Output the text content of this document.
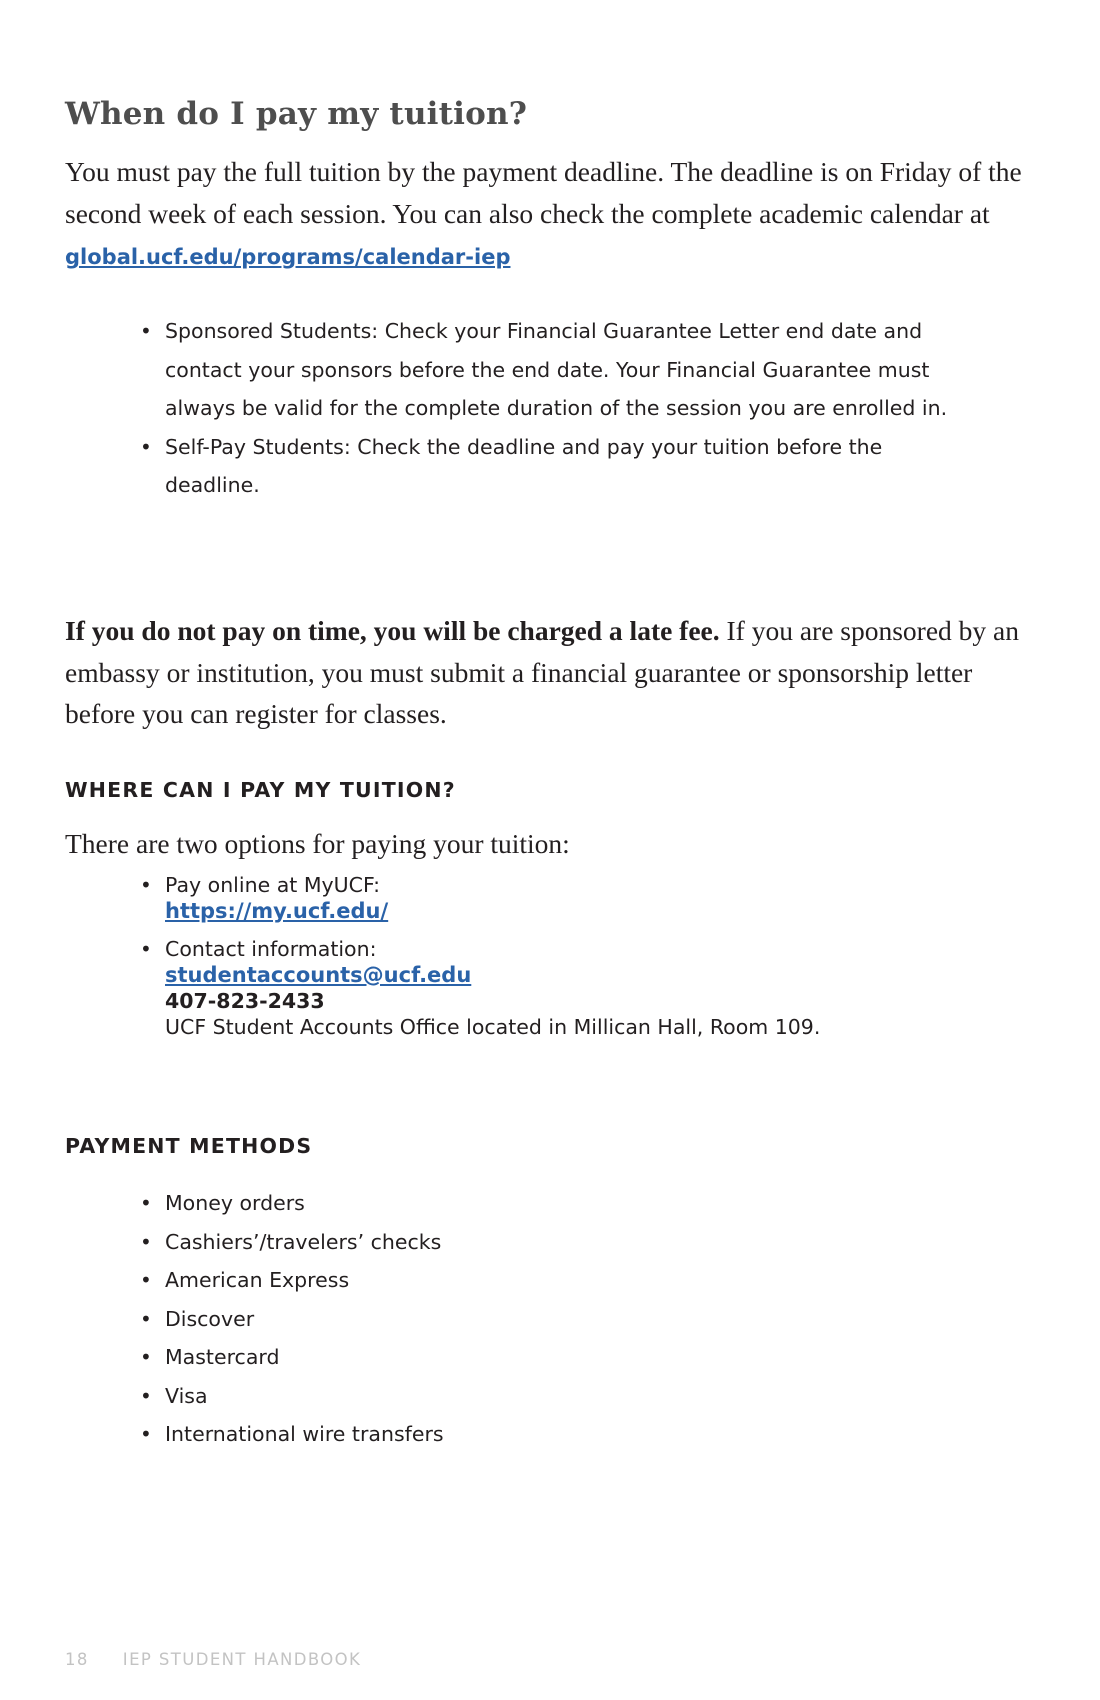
When do I pay my tuition?

You must pay the full tuition by the payment deadline. The deadline is on Friday of the second week of each session. You can also check the complete academic calendar at global.ucf.edu/programs/calendar-iep

• Sponsored Students: Check your Financial Guarantee Letter end date and contact your sponsors before the end date. Your Financial Guarantee must always be valid for the complete duration of the session you are enrolled in.
• Self-Pay Students: Check the deadline and pay your tuition before the deadline.

If you do not pay on time, you will be charged a late fee. If you are sponsored by an embassy or institution, you must submit a financial guarantee or sponsorship letter before you can register for classes.

WHERE CAN I PAY MY TUITION?

There are two options for paying your tuition:

• Pay online at MyUCF:
https://my.ucf.edu/
• Contact information:
studentaccounts@ucf.edu
407-823-2433
UCF Student Accounts Office located in Millican Hall, Room 109.
PAYMENT METHODS
• Money orders
• Cashiers’/travelers’ checks
• American Express
• Discover
• Mastercard
• Visa
• International wire transfers
18 IEP STUDENT HANDBOOK
